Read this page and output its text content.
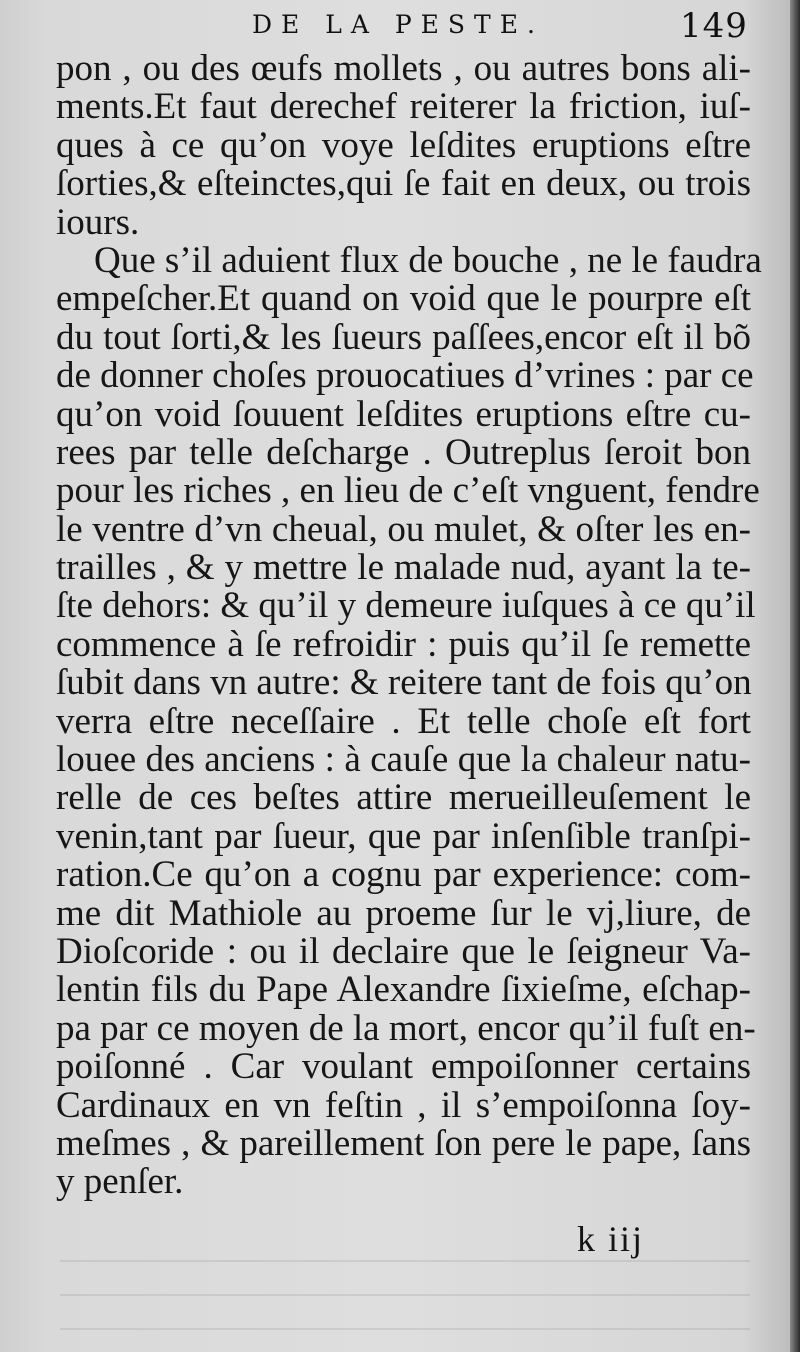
DE LA PESTE.	149
pon , ou des œufs mollets , ou autres bons ali-
ments.Et faut derechef reiterer la friction, iuſ-
ques à ce qu’on voye leſdites eruptions eſtre
ſorties,& eſteinctes,qui ſe fait en deux, ou trois
iours.
Que s’il aduient flux de bouche , ne le faudra
empeſcher.Et quand on void que le pourpre eſt
du tout ſorti,& les ſueurs paſſees,encor eſt il bõ
de donner choſes prouocatiues d’vrines : par ce
qu’on void ſouuent leſdites eruptions eſtre cu-
rees par telle deſcharge . Outreplus ſeroit bon
pour les riches , en lieu de c’eſt vnguent, fendre
le ventre d’vn cheual, ou mulet, & oſter les en-
trailles , & y mettre le malade nud, ayant la te-
ſte dehors: & qu’il y demeure iuſques à ce qu’il
commence à ſe refroidir : puis qu’il ſe remette
ſubit dans vn autre: & reitere tant de fois qu’on
verra eſtre neceſſaire . Et telle choſe eſt fort
louee des anciens : à cauſe que la chaleur natu-
relle de ces beſtes attire merueilleuſement le
venin,tant par ſueur, que par inſenſible tranſpi-
ration.Ce qu’on a cognu par experience: com-
me dit Mathiole au proeme ſur le vj,liure, de
Dioſcoride : ou il declaire que le ſeigneur Va-
lentin fils du Pape Alexandre ſixieſme, eſchap-
pa par ce moyen de la mort, encor qu’il fuſt en-
poiſonné . Car voulant empoiſonner certains
Cardinaux en vn feſtin , il s’empoiſonna ſoy-
meſmes , & pareillement ſon pere le pape, ſans
y penſer.
k iij
